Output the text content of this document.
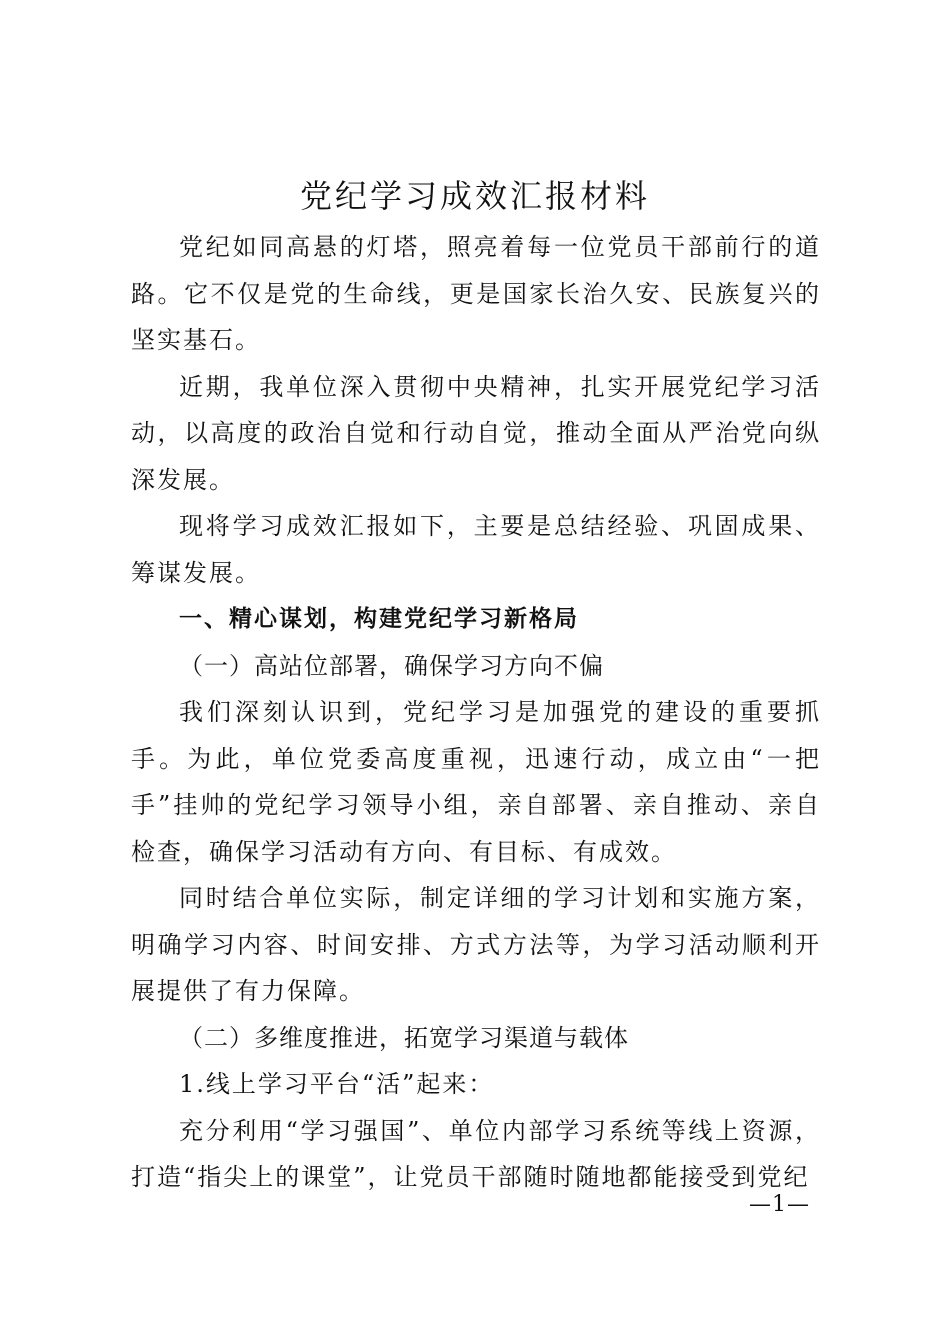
党纪学习成效汇报材料

党纪如同高悬的灯塔，照亮着每一位党员干部前行的道路。它不仅是党的生命线，更是国家长治久安、民族复兴的坚实基石。

近期，我单位深入贯彻中央精神，扎实开展党纪学习活动，以高度的政治自觉和行动自觉，推动全面从严治党向纵深发展。

现将学习成效汇报如下，主要是总结经验、巩固成果、筹谋发展。

一、精心谋划，构建党纪学习新格局

（一）高站位部署，确保学习方向不偏

我们深刻认识到，党纪学习是加强党的建设的重要抓手。为此，单位党委高度重视，迅速行动，成立由“一把手”挂帅的党纪学习领导小组，亲自部署、亲自推动、亲自检查，确保学习活动有方向、有目标、有成效。

同时结合单位实际，制定详细的学习计划和实施方案，明确学习内容、时间安排、方式方法等，为学习活动顺利开展提供了有力保障。

（二）多维度推进，拓宽学习渠道与载体

1.线上学习平台“活”起来：

充分利用“学习强国”、单位内部学习系统等线上资源，打造“指尖上的课堂”，让党员干部随时随地都能接受到党纪

—1—
